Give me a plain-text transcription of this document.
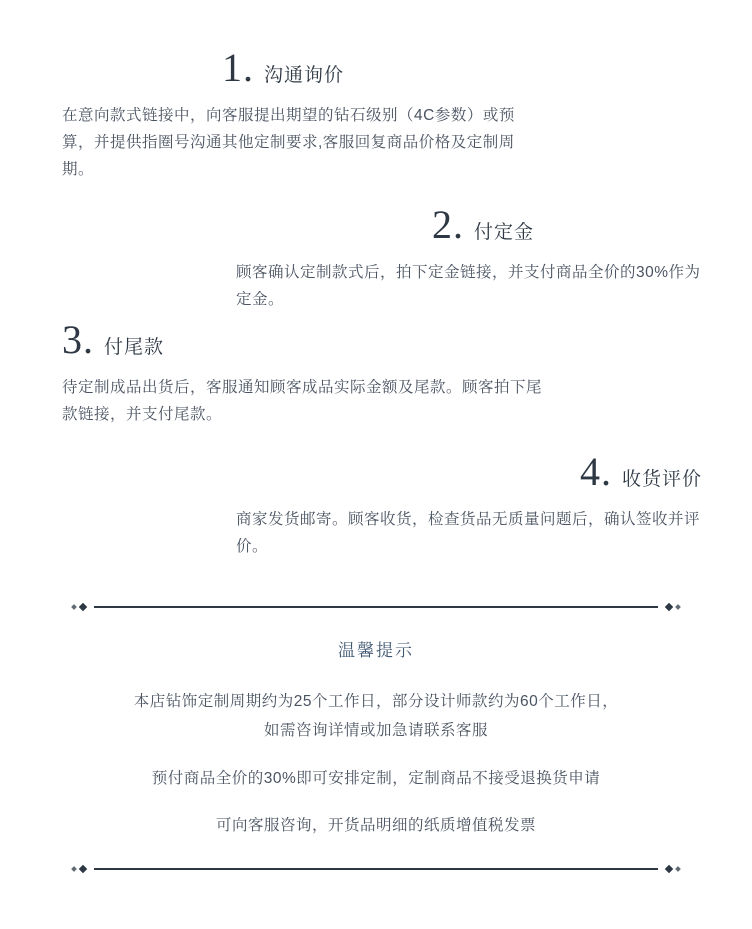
1. 沟通询价
在意向款式链接中，向客服提出期望的钻石级别（4C参数）或预算，并提供指圈号沟通其他定制要求,客服回复商品价格及定制周期。
2. 付定金
顾客确认定制款式后，拍下定金链接，并支付商品全价的30%作为定金。
3. 付尾款
待定制成品出货后，客服通知顾客成品实际金额及尾款。顾客拍下尾款链接，并支付尾款。
4. 收货评价
商家发货邮寄。顾客收货，检查货品无质量问题后，确认签收并评价。
温馨提示
本店钻饰定制周期约为25个工作日，部分设计师款约为60个工作日，
如需咨询详情或加急请联系客服
预付商品全价的30%即可安排定制，定制商品不接受退换货申请
可向客服咨询，开货品明细的纸质增值税发票
